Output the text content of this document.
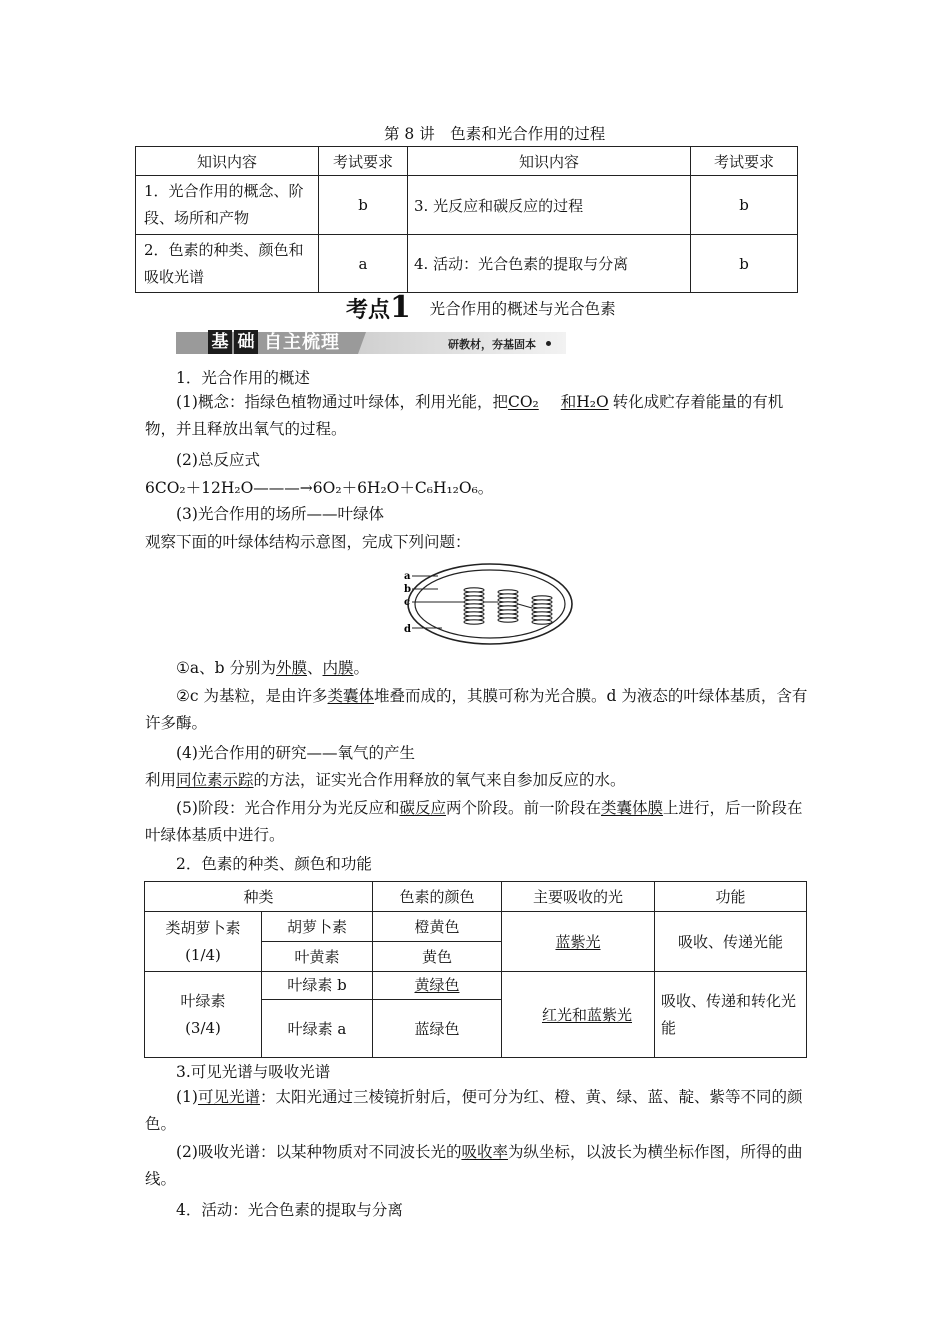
第 8 讲　色素和光合作用的过程
知识内容	考试要求	知识内容	考试要求
1．光合作用的概念、阶段、场所和产物	b	3. 光反应和碳反应的过程	b
2．色素的种类、颜色和吸收光谱	a	4. 活动：光合色素的提取与分离	b
考点1 光合作用的概述与光合色素
基 础 自主梳理	研教材，夯基固本
1．光合作用的概述
(1)概念：指绿色植物通过叶绿体，利用光能，把CO₂ 和H₂O 转化成贮存着能量的有机物，并且释放出氧气的过程。
(2)总反应式
6CO₂＋12H₂O———→6O₂＋6H₂O＋C₆H₁₂O₆。
(3)光合作用的场所——叶绿体
观察下面的叶绿体结构示意图，完成下列问题：
a
b
c
d
①a、b 分别为外膜、内膜。
②c 为基粒，是由许多类囊体堆叠而成的，其膜可称为光合膜。d 为液态的叶绿体基质，含有许多酶。
(4)光合作用的研究——氧气的产生
利用同位素示踪的方法，证实光合作用释放的氧气来自参加反应的水。
(5)阶段：光合作用分为光反应和碳反应两个阶段。前一阶段在类囊体膜上进行，后一阶段在叶绿体基质中进行。
2．色素的种类、颜色和功能
种类		色素的颜色	主要吸收的光	功能
类胡萝卜素(1/4)	胡萝卜素	橙黄色	蓝紫光	吸收、传递光能
	叶黄素	黄色		
叶绿素(3/4)	叶绿素 b	黄绿色	红光和蓝紫光	吸收、传递和转化光能
	叶绿素 a	蓝绿色		
3.可见光谱与吸收光谱
(1)可见光谱：太阳光通过三棱镜折射后，便可分为红、橙、黄、绿、蓝、靛、紫等不同的颜色。
(2)吸收光谱：以某种物质对不同波长光的吸收率为纵坐标，以波长为横坐标作图，所得的曲线。
4．活动：光合色素的提取与分离
